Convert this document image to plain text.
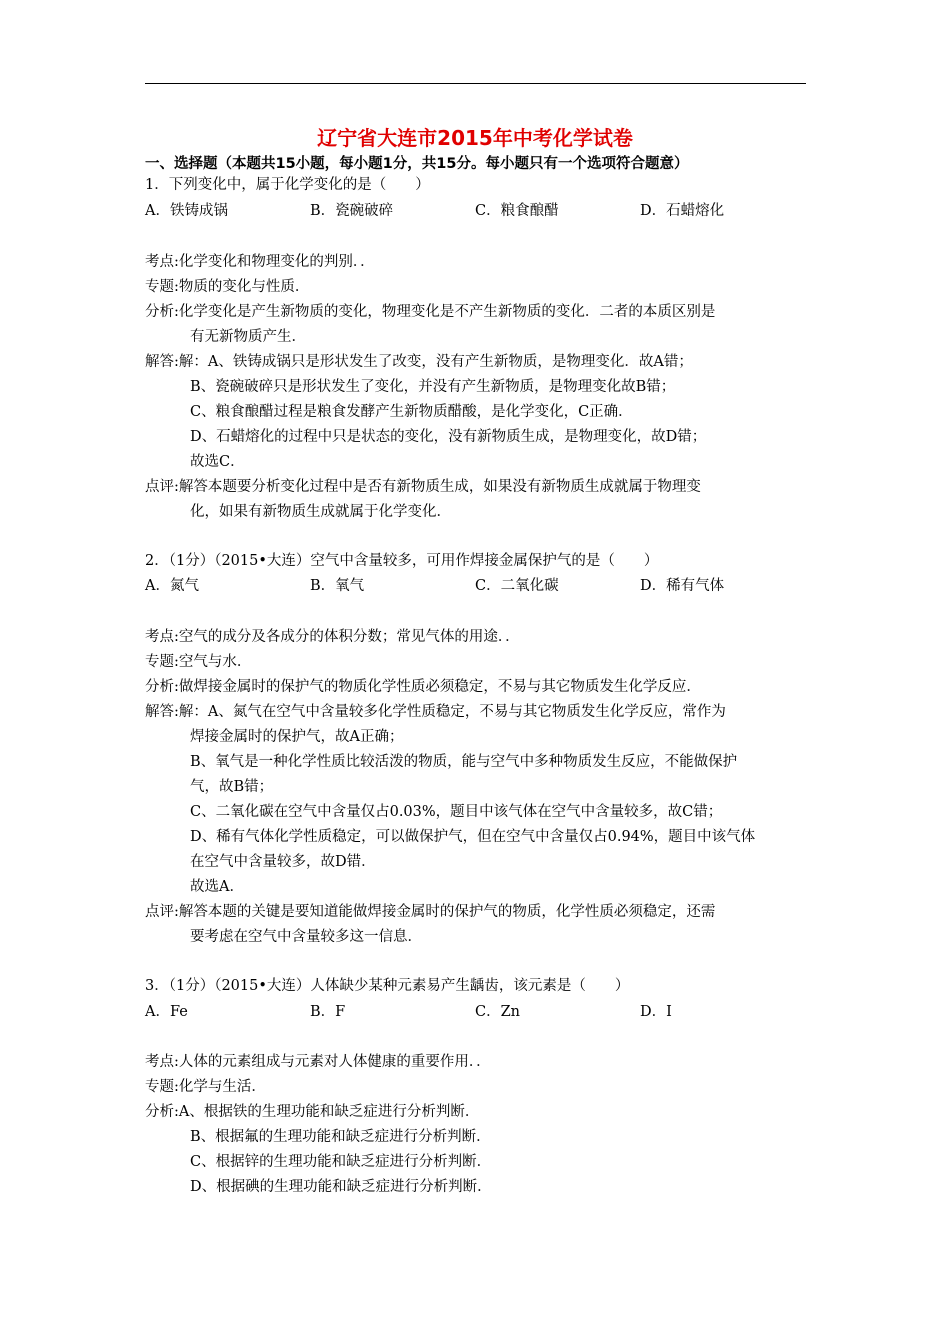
辽宁省大连市2015年中考化学试卷
一、选择题（本题共15小题，每小题1分，共15分。每小题只有一个选项符合题意）
1．下列变化中，属于化学变化的是（　　）
A．铁铸成锅	B．瓷碗破碎	C．粮食酿醋	D．石蜡熔化
考点:化学变化和物理变化的判别．．
专题:物质的变化与性质．
分析:化学变化是产生新物质的变化，物理变化是不产生新物质的变化．二者的本质区别是
有无新物质产生．
解答:解：A、铁铸成锅只是形状发生了改变，没有产生新物质，是物理变化．故A错；
B、瓷碗破碎只是形状发生了变化，并没有产生新物质，是物理变化故B错；
C、粮食酿醋过程是粮食发酵产生新物质醋酸，是化学变化，C正确．
D、石蜡熔化的过程中只是状态的变化，没有新物质生成，是物理变化，故D错；
故选C．
点评:解答本题要分析变化过程中是否有新物质生成，如果没有新物质生成就属于物理变
化，如果有新物质生成就属于化学变化．
2．（1分）（2015•大连）空气中含量较多，可用作焊接金属保护气的是（　　）
A．氮气	B．氧气	C．二氧化碳	D．稀有气体
考点:空气的成分及各成分的体积分数；常见气体的用途．．
专题:空气与水．
分析:做焊接金属时的保护气的物质化学性质必须稳定，不易与其它物质发生化学反应．
解答:解：A、氮气在空气中含量较多化学性质稳定，不易与其它物质发生化学反应，常作为
焊接金属时的保护气，故A正确；
B、氧气是一种化学性质比较活泼的物质，能与空气中多种物质发生反应，不能做保护
气，故B错；
C、二氧化碳在空气中含量仅占0.03%，题目中该气体在空气中含量较多，故C错；
D、稀有气体化学性质稳定，可以做保护气，但在空气中含量仅占0.94%，题目中该气体
在空气中含量较多，故D错．
故选A．
点评:解答本题的关键是要知道能做焊接金属时的保护气的物质，化学性质必须稳定，还需
要考虑在空气中含量较多这一信息．
3．（1分）（2015•大连）人体缺少某种元素易产生龋齿，该元素是（　　）
A．Fe	B．F	C．Zn	D．I
考点:人体的元素组成与元素对人体健康的重要作用．．
专题:化学与生活．
分析:A、根据铁的生理功能和缺乏症进行分析判断．
B、根据氟的生理功能和缺乏症进行分析判断．
C、根据锌的生理功能和缺乏症进行分析判断．
D、根据碘的生理功能和缺乏症进行分析判断．
